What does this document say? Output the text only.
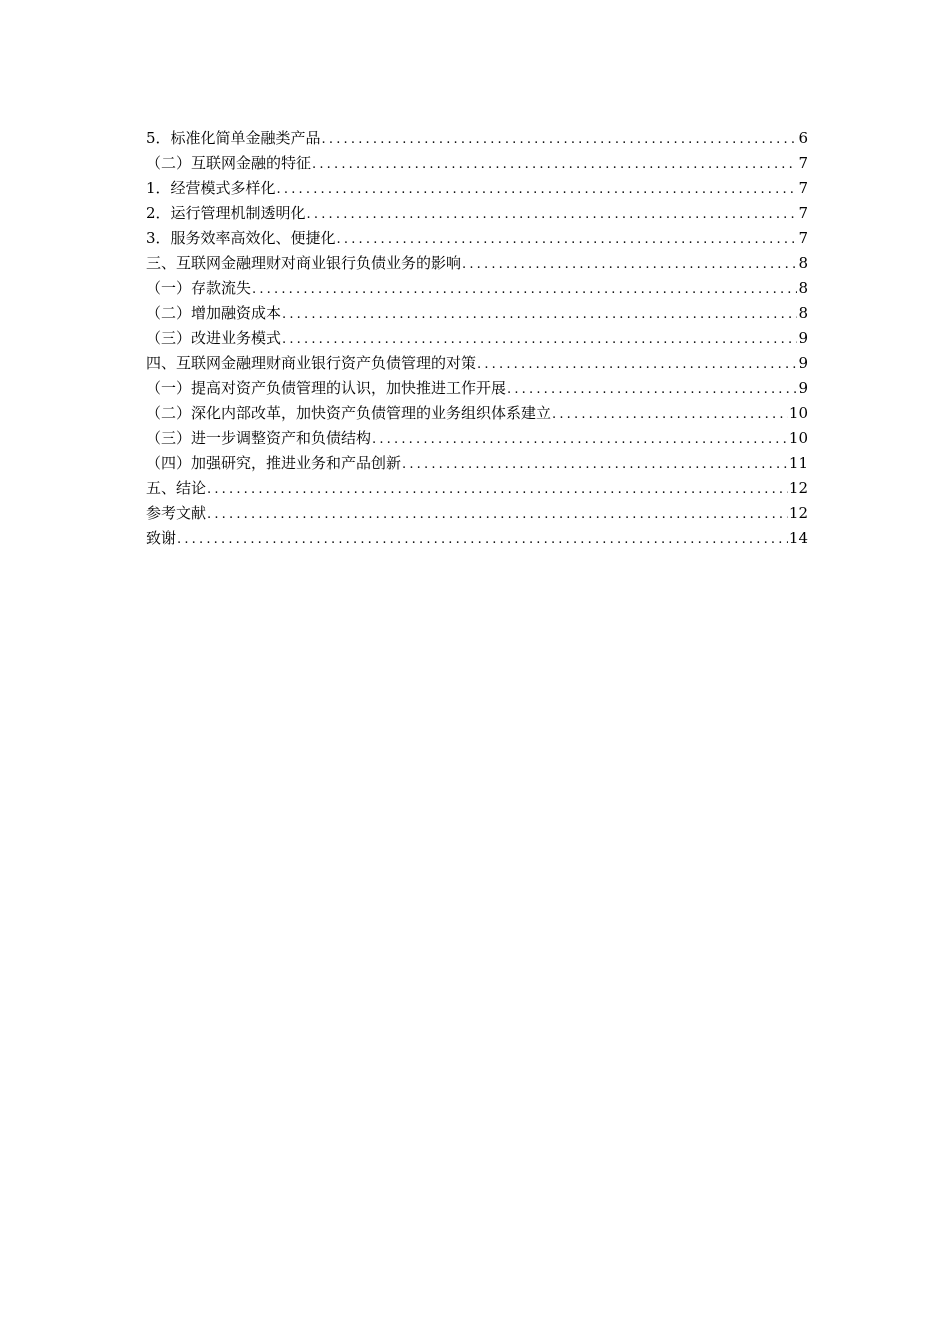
5．标准化简单金融类产品 .....	6
（二）互联网金融的特征 .....	7
1．经营模式多样化 .....	7
2．运行管理机制透明化 .....	7
3．服务效率高效化、便捷化 .....	7
三、互联网金融理财对商业银行负债业务的影响 .....	8
（一）存款流失 .....	8
（二）增加融资成本 .....	8
（三）改进业务模式 .....	9
四、互联网金融理财商业银行资产负债管理的对策 .....	9
（一）提高对资产负债管理的认识，加快推进工作开展 .....	9
（二）深化内部改革，加快资产负债管理的业务组织体系建立 .....	10
（三）进一步调整资产和负债结构 .....	10
（四）加强研究，推进业务和产品创新 .....	11
五、结论 .....	12
参考文献 .....	12
致谢 .....	14
